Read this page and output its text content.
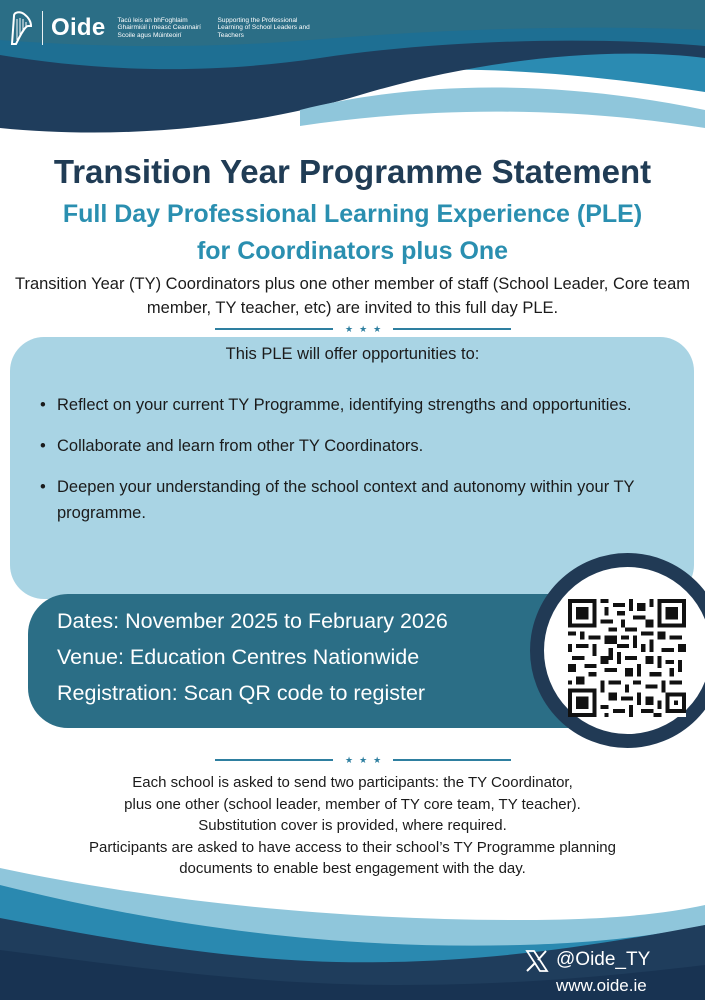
Oide Tacú leis an bhFoghlaim Ghairmiúil i measc Ceannairí Scoile agus Múinteoirí
Supporting the Professional Learning of School Leaders and Teachers
Transition Year Programme Statement
Full Day Professional Learning Experience (PLE)
for Coordinators plus One
Transition Year (TY) Coordinators plus one other member of staff (School Leader, Core team member, TY teacher, etc) are invited to this full day PLE.
★★★
This PLE will offer opportunities to:
• Reflect on your current TY Programme, identifying strengths and opportunities.
• Collaborate and learn from other TY Coordinators.
• Deepen your understanding of the school context and autonomy within your TY programme.
Dates: November 2025 to February 2026
Venue: Education Centres Nationwide
Registration: Scan QR code to register
★★★
Each school is asked to send two participants: the TY Coordinator,
plus one other (school leader, member of TY core team, TY teacher).
Substitution cover is provided, where required.
Participants are asked to have access to their school’s TY Programme planning
documents to enable best engagement with the day.
@Oide_TY
www.oide.ie
